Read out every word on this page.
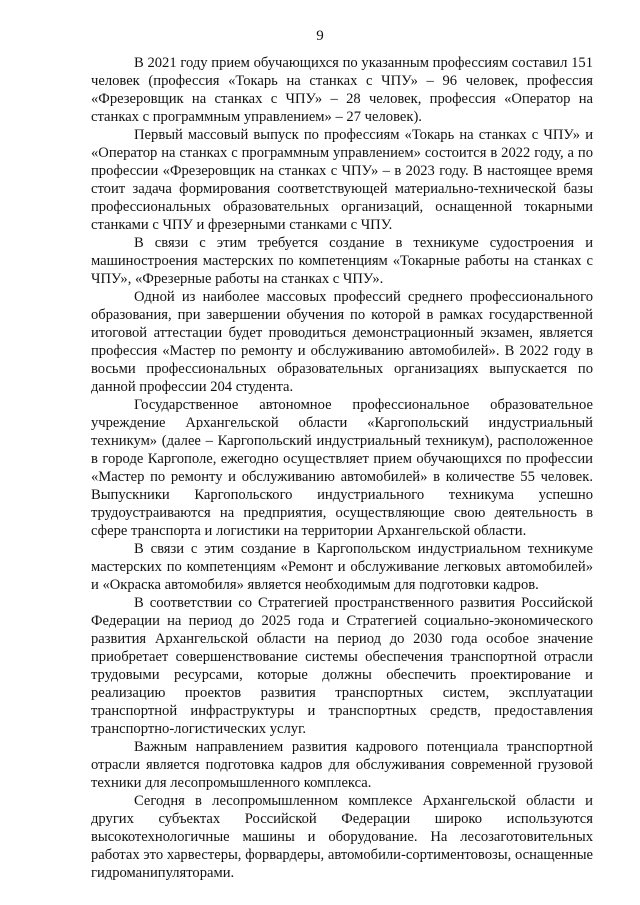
9

В 2021 году прием обучающихся по указанным профессиям составил 151 человек (профессия «Токарь на станках с ЧПУ» – 96 человек, профессия «Фрезеровщик на станках с ЧПУ» – 28 человек, профессия «Оператор на станках с программным управлением» – 27 человек).

Первый массовый выпуск по профессиям «Токарь на станках с ЧПУ» и «Оператор на станках с программным управлением» состоится в 2022 году, а по профессии «Фрезеровщик на станках с ЧПУ» – в 2023 году. В настоящее время стоит задача формирования соответствующей материально-технической базы профессиональных образовательных организаций, оснащенной токарными станками с ЧПУ и фрезерными станками с ЧПУ.

В связи с этим требуется создание в техникуме судостроения и машиностроения мастерских по компетенциям «Токарные работы на станках с ЧПУ», «Фрезерные работы на станках с ЧПУ».

Одной из наиболее массовых профессий среднего профессионального образования, при завершении обучения по которой в рамках государственной итоговой аттестации будет проводиться демонстрационный экзамен, является профессия «Мастер по ремонту и обслуживанию автомобилей». В 2022 году в восьми профессиональных образовательных организациях выпускается по данной профессии 204 студента.

Государственное автономное профессиональное образовательное учреждение Архангельской области «Каргопольский индустриальный техникум» (далее – Каргопольский индустриальный техникум), расположенное в городе Каргополе, ежегодно осуществляет прием обучающихся по профессии «Мастер по ремонту и обслуживанию автомобилей» в количестве 55 человек. Выпускники Каргопольского индустриального техникума успешно трудоустраиваются на предприятия, осуществляющие свою деятельность в сфере транспорта и логистики на территории Архангельской области.

В связи с этим создание в Каргопольском индустриальном техникуме мастерских по компетенциям «Ремонт и обслуживание легковых автомобилей» и «Окраска автомобиля» является необходимым для подготовки кадров.

В соответствии со Стратегией пространственного развития Российской Федерации на период до 2025 года и Стратегией социально-экономического развития Архангельской области на период до 2030 года особое значение приобретает совершенствование системы обеспечения транспортной отрасли трудовыми ресурсами, которые должны обеспечить проектирование и реализацию проектов развития транспортных систем, эксплуатации транспортной инфраструктуры и транспортных средств, предоставления транспортно-логистических услуг.

Важным направлением развития кадрового потенциала транспортной отрасли является подготовка кадров для обслуживания современной грузовой техники для лесопромышленного комплекса.

Сегодня в лесопромышленном комплексе Архангельской области и других субъектах Российской Федерации широко используются высокотехнологичные машины и оборудование. На лесозаготовительных работах это харвестеры, форвардеры, автомобили-сортиментовозы, оснащенные гидроманипуляторами.
